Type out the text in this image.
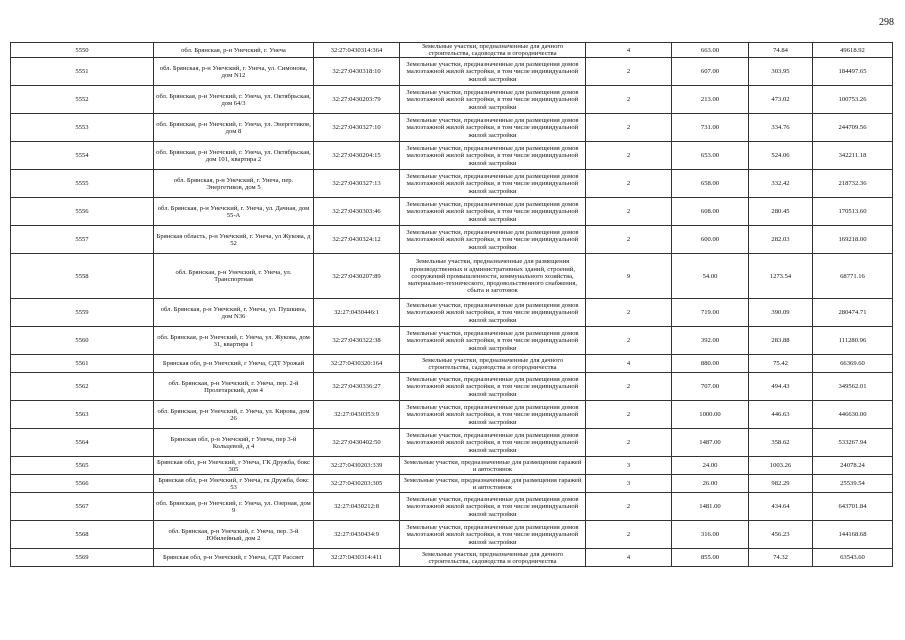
298
5550	обл. Брянская, р-н Унечский, г. Унеча	32:27:0430314:364	Земельные участки, предназначенные для дачного строительства, садоводства и огородничества	4	663.00	74.84	49618.92
5551	обл. Брянская, р-н Унечский, г. Унеча, ул. Симонова, дом N12	32:27:0430318:10	Земельные участки, предназначенные для размещения домов малоэтажной жилой застройки, в том числе индивидуальной жилой застройки	2	607.00	303.95	184497.65
5552	обл. Брянская, р-н Унечский, г. Унеча, ул. Октябрьская, дом 64/3	32:27:0430203:79	Земельные участки, предназначенные для размещения домов малоэтажной жилой застройки, в том числе индивидуальной жилой застройки	2	213.00	473.02	100753.26
5553	обл. Брянская, р-н Унечский, г. Унеча, ул. Энергетиков, дом 8	32:27:0430327:10	Земельные участки, предназначенные для размещения домов малоэтажной жилой застройки, в том числе индивидуальной жилой застройки	2	731.00	334.76	244709.56
5554	обл. Брянская, р-н Унечский, г. Унеча, ул. Октябрьская, дом 101, квартира 2	32:27:0430204:15	Земельные участки, предназначенные для размещения домов малоэтажной жилой застройки, в том числе индивидуальной жилой застройки	2	653.00	524.06	342211.18
5555	обл. Брянская, р-н Унечский, г. Унеча, пер. Энергетиков, дом 5	32:27:0430327:13	Земельные участки, предназначенные для размещения домов малоэтажной жилой застройки, в том числе индивидуальной жилой застройки	2	658.00	332.42	218732.36
5556	обл. Брянская, р-н Унечский, г. Унеча, ул. Дачная, дом 55-А	32:27:0430303:46	Земельные участки, предназначенные для размещения домов малоэтажной жилой застройки, в том числе индивидуальной жилой застройки	2	608.00	280.45	170513.60
5557	Брянская область, р-н Унечский, г. Унеча, ул Жукова, д 52	32:27:0430324:12	Земельные участки, предназначенные для размещения домов малоэтажной жилой застройки, в том числе индивидуальной жилой застройки	2	600.00	282.03	169218.00
5558	обл. Брянская, р-н Унечский, г. Унеча, ул. Транспортная	32:27:0430207:89	Земельные участки, предназначенные для размещения производственных и административных зданий, строений, сооружений промышленности, коммунального хозяйства, материально-технического, продовольственного снабжения, сбыта и заготовок	9	54.00	1273.54	68771.16
5559	обл. Брянская, р-н Унечский, г. Унеча, ул. Пушкина, дом N36	32:27:0430446:1	Земельные участки, предназначенные для размещения домов малоэтажной жилой застройки, в том числе индивидуальной жилой застройки	2	719.00	390.09	280474.71
5560	обл. Брянская, р-н Унечский, г. Унеча, ул. Жукова, дом 31, квартира 1	32:27:0430322:38	Земельные участки, предназначенные для размещения домов малоэтажной жилой застройки, в том числе индивидуальной жилой застройки	2	392.00	283.88	111280.96
5561	Брянская обл, р-н Унечский, г Унеча, СДТ Урожай	32:27:0430320:164	Земельные участки, предназначенные для дачного строительства, садоводства и огородничества	4	880.00	75.42	66369.60
5562	обл. Брянская, р-н Унечский, г. Унеча, пер. 2-й Пролетарский, дом 4	32:27:0430336:27	Земельные участки, предназначенные для размещения домов малоэтажной жилой застройки, в том числе индивидуальной жилой застройки	2	707.00	494.43	349562.01
5563	обл. Брянская, р-н Унечский, г. Унеча, ул. Кирова, дом 26	32:27:0430353:9	Земельные участки, предназначенные для размещения домов малоэтажной жилой застройки, в том числе индивидуальной жилой застройки	2	1000.00	446.63	446630.00
5564	Брянская обл, р-н Унечский, г Унеча, пер 3-й Кольцевой, д 4	32:27:0430402:50	Земельные участки, предназначенные для размещения домов малоэтажной жилой застройки, в том числе индивидуальной жилой застройки	2	1487.00	358.62	533267.94
5565	Брянская обл, р-н Унечский, г Унеча, ГК Дружба, бокс 305	32:27:0430203:339	Земельные участки, предназначенные для размещения гаражей и автостоянок	3	24.00	1003.26	24078.24
5566	Брянская обл, р-н Унечский, г Унеча, гк Дружба, бокс 53	32:27:0430203:305	Земельные участки, предназначенные для размещения гаражей и автостоянок	3	26.00	982.29	25539.54
5567	обл. Брянская, р-н Унечский, г. Унеча, ул. Озерная, дом 9	32:27:0430212:8	Земельные участки, предназначенные для размещения домов малоэтажной жилой застройки, в том числе индивидуальной жилой застройки	2	1481.00	434.64	643701.84
5568	обл. Брянская, р-н Унечский, г. Унеча, пер. 3-й Юбилейный, дом 2	32:27:0430434:9	Земельные участки, предназначенные для размещения домов малоэтажной жилой застройки, в том числе индивидуальной жилой застройки	2	316.00	456.23	144168.68
5569	Брянская обл, р-н Унечский, г Унеча, СДТ Рассвет	32:27:0430314:411	Земельные участки, предназначенные для дачного строительства, садоводства и огородничества	4	855.00	74.32	63543.60
